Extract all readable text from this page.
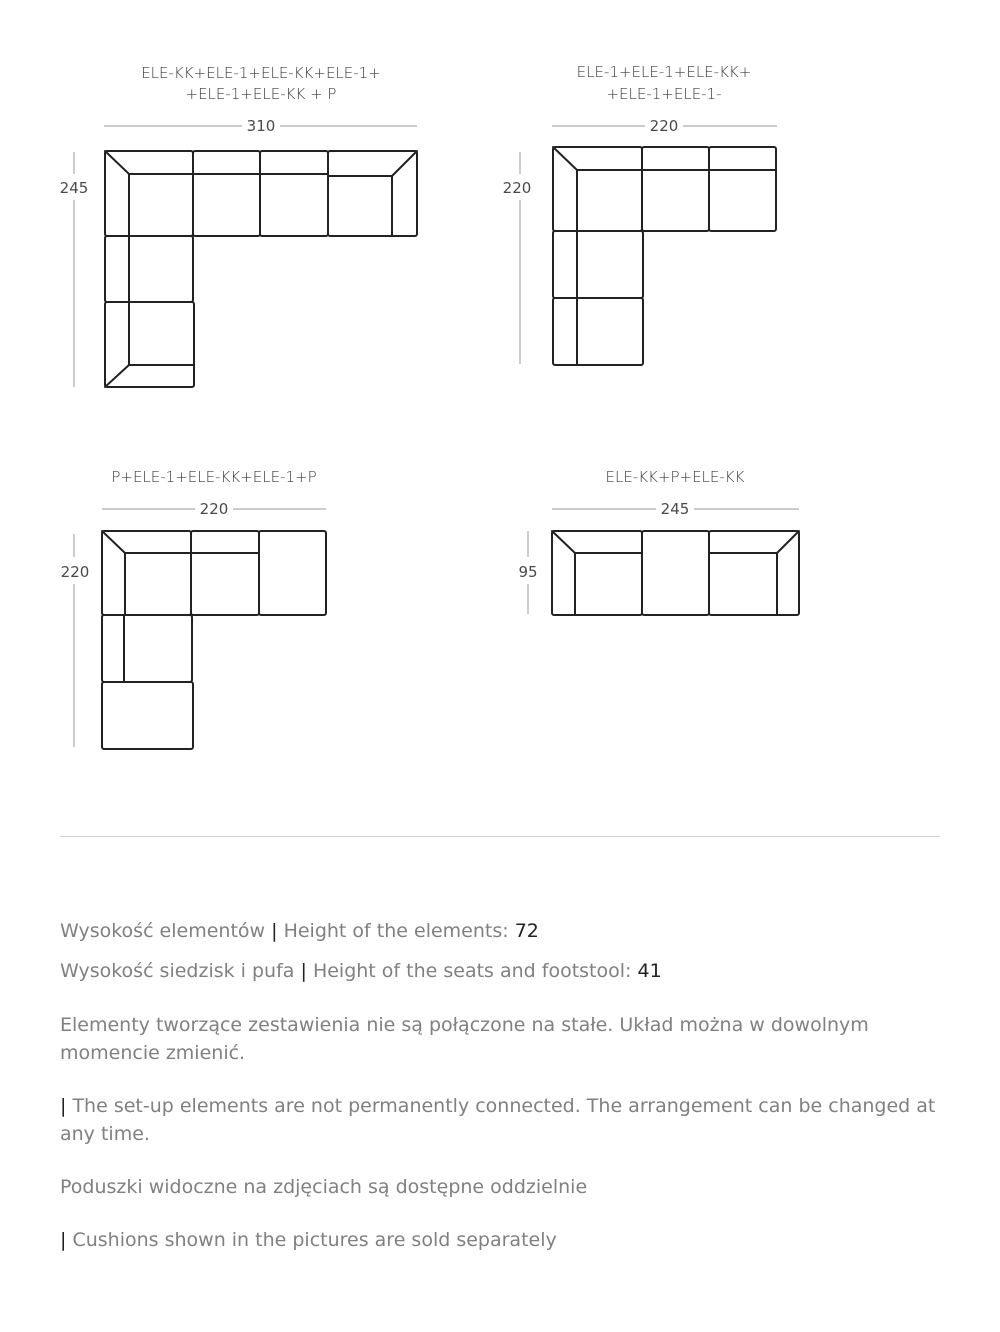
ELE-KK+ELE-1+ELE-KK+ELE-1+
+ELE-1+ELE-KK + P
310
245
ELE-1+ELE-1+ELE-KK+
+ELE-1+ELE-1-
220
220
P+ELE-1+ELE-KK+ELE-1+P
220
220
ELE-KK+P+ELE-KK
245
95
Wysokość elementów | Height of the elements: 72
Wysokość siedzisk i pufa | Height of the seats and footstool: 41
Elementy tworzące zestawienia nie są połączone na stałe. Układ można w dowolnym momencie zmienić.
| The set-up elements are not permanently connected. The arrangement can be changed at any time.
Poduszki widoczne na zdjęciach są dostępne oddzielnie
| Cushions shown in the pictures are sold separately
